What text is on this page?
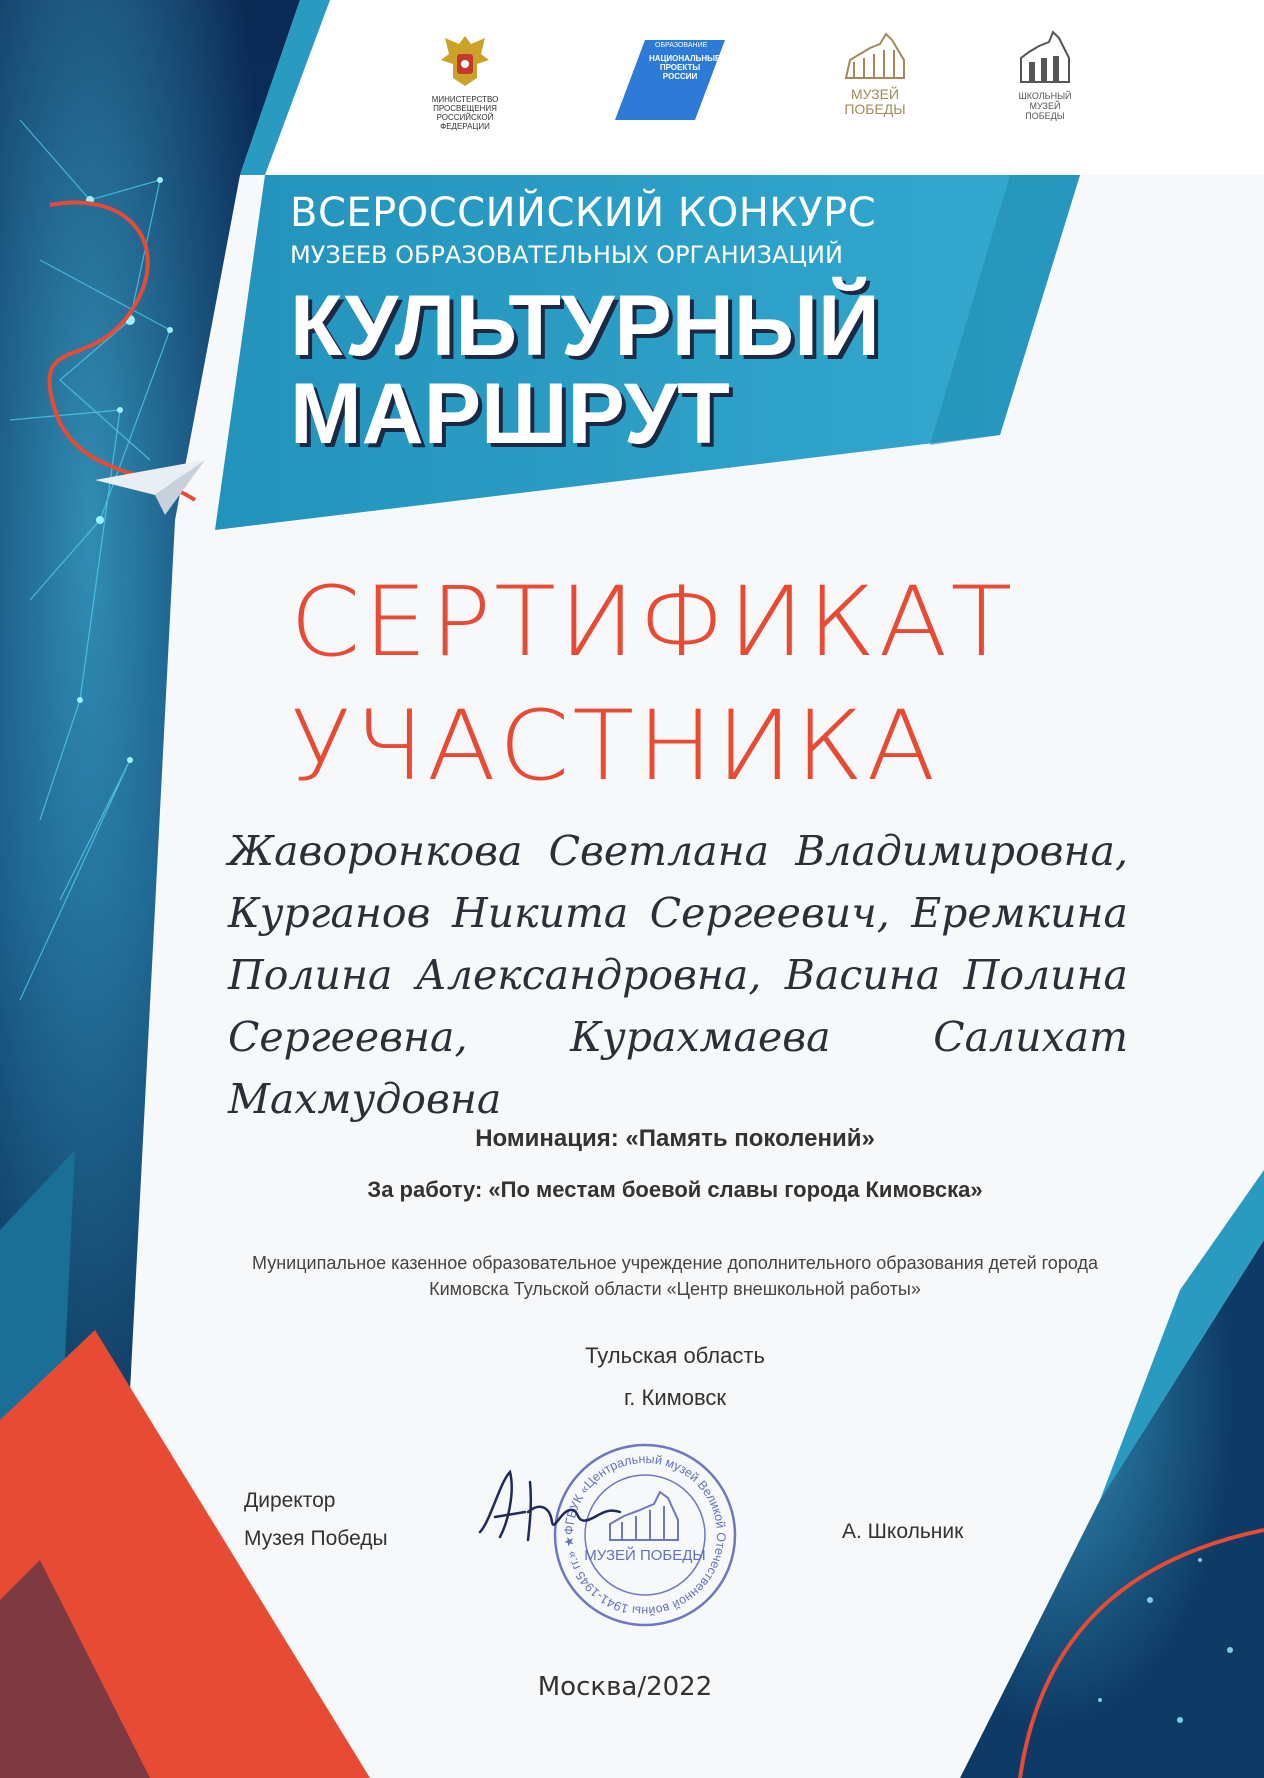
МИНИСТЕРСТВО ПРОСВЕЩЕНИЯ РОССИЙСКОЙ ФЕДЕРАЦИИ
ОБРАЗОВАНИЕ
НАЦИОНАЛЬНЫЕ ПРОЕКТЫ РОССИИ
МУЗЕЙ ПОБЕДЫ
ШКОЛЬНЫЙ МУЗЕЙ ПОБЕДЫ
ВСЕРОССИЙСКИЙ КОНКУРС
МУЗЕЕВ ОБРАЗОВАТЕЛЬНЫХ ОРГАНИЗАЦИЙ
КУЛЬТУРНЫЙ
МАРШРУТ
СЕРТИФИКАТ
УЧАСТНИКА
Жаворонкова Светлана Владимировна, Курганов Никита Сергеевич, Еремкина Полина Александровна, Васина Полина Сергеевна, Курахмаева Салихат Махмудовна
Номинация: «Память поколений»
За работу: «По местам боевой славы города Кимовска»
Муниципальное казенное образовательное учреждение дополнительного образования детей города Кимовска Тульской области «Центр внешкольной работы»
Тульская область
г. Кимовск
Директор
Музея Победы	А. Школьник
ФГБУК «Центральный музей Великой Отечественной войны 1941-1945 гг.» ★
МУЗЕЙ ПОБЕДЫ
Москва/2022
